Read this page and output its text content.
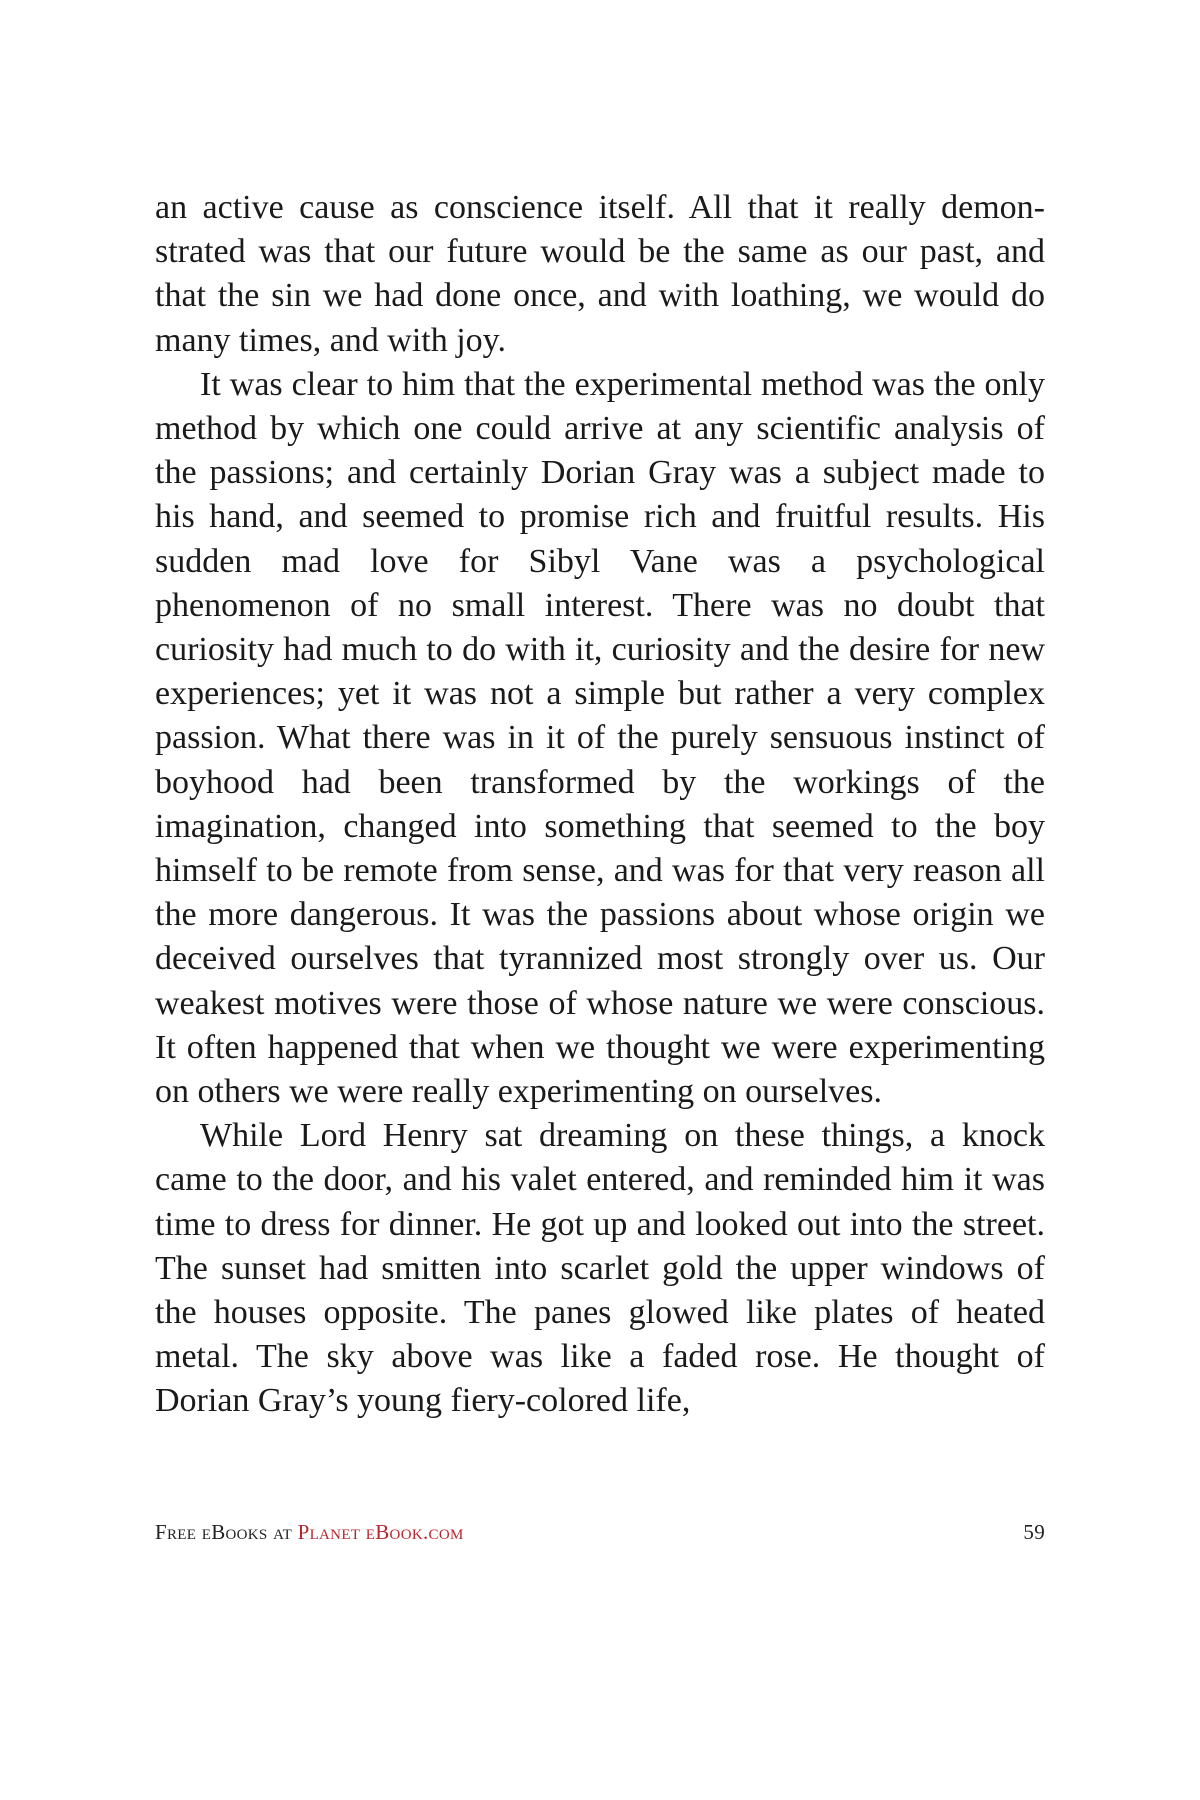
an active cause as conscience itself. All that it really demonstrated was that our future would be the same as our past, and that the sin we had done once, and with loathing, we would do many times, and with joy.

It was clear to him that the experimental method was the only method by which one could arrive at any scientific analysis of the passions; and certainly Dorian Gray was a subject made to his hand, and seemed to promise rich and fruitful results. His sudden mad love for Sibyl Vane was a psychological phenomenon of no small interest. There was no doubt that curiosity had much to do with it, curiosity and the desire for new experiences; yet it was not a simple but rather a very complex passion. What there was in it of the purely sensuous instinct of boyhood had been transformed by the workings of the imagination, changed into something that seemed to the boy himself to be remote from sense, and was for that very reason all the more dangerous. It was the passions about whose origin we deceived ourselves that tyrannized most strongly over us. Our weakest motives were those of whose nature we were conscious. It often happened that when we thought we were experimenting on others we were really experimenting on ourselves.

While Lord Henry sat dreaming on these things, a knock came to the door, and his valet entered, and reminded him it was time to dress for dinner. He got up and looked out into the street. The sunset had smitten into scarlet gold the upper windows of the houses opposite. The panes glowed like plates of heated metal. The sky above was like a faded rose. He thought of Dorian Gray’s young fiery-colored life,

Free eBooks at Planet eBook.com	59
